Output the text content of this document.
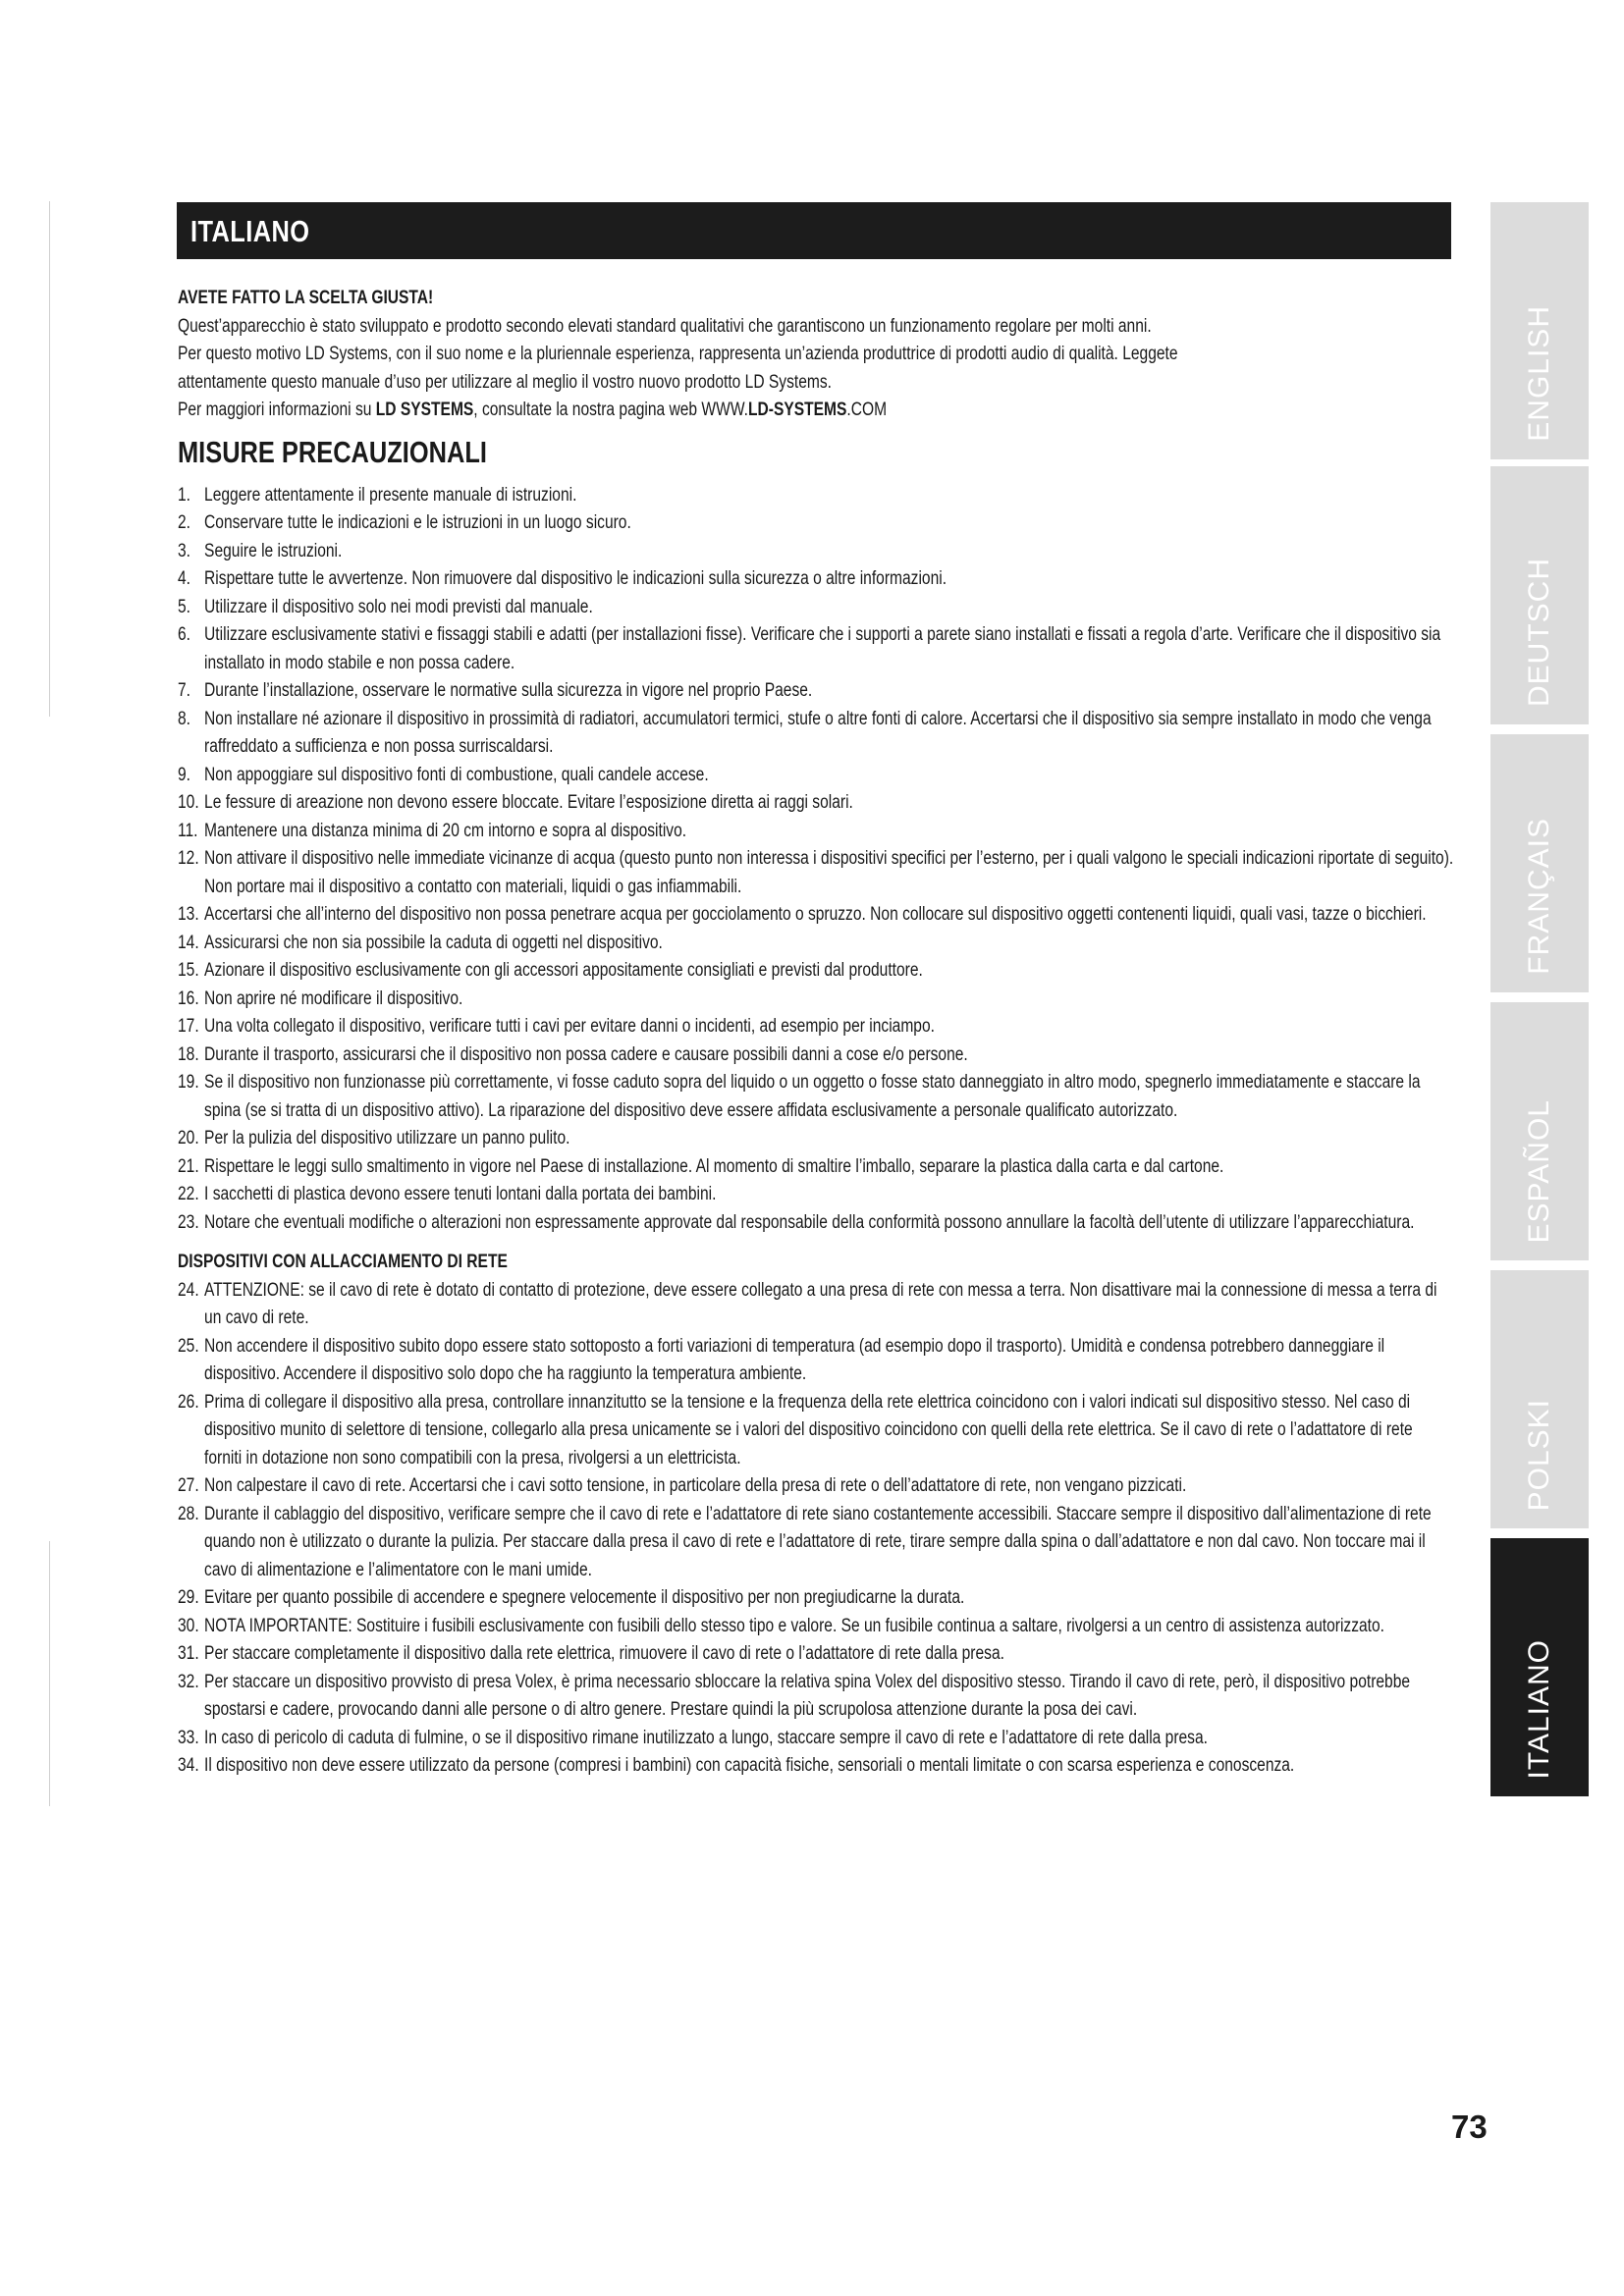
ITALIANO
AVETE FATTO LA SCELTA GIUSTA!

Quest’apparecchio è stato sviluppato e prodotto secondo elevati standard qualitativi che garantiscono un funzionamento regolare per molti anni.
Per questo motivo LD Systems, con il suo nome e la pluriennale esperienza, rappresenta un’azienda produttrice di prodotti audio di qualità. Leggete
attentamente questo manuale d’uso per utilizzare al meglio il vostro nuovo prodotto LD Systems.
Per maggiori informazioni su LD SYSTEMS, consultate la nostra pagina web WWW.LD-SYSTEMS.COM

MISURE PRECAUZIONALI
1. Leggere attentamente il presente manuale di istruzioni.
2. Conservare tutte le indicazioni e le istruzioni in un luogo sicuro.
3. Seguire le istruzioni.
4. Rispettare tutte le avvertenze. Non rimuovere dal dispositivo le indicazioni sulla sicurezza o altre informazioni.
5. Utilizzare il dispositivo solo nei modi previsti dal manuale.
6. Utilizzare esclusivamente stativi e fissaggi stabili e adatti (per installazioni fisse). Verificare che i supporti a parete siano installati e fissati a regola d’arte. Verificare che il dispositivo sia installato in modo stabile e non possa cadere.
7. Durante l’installazione, osservare le normative sulla sicurezza in vigore nel proprio Paese.
8. Non installare né azionare il dispositivo in prossimità di radiatori, accumulatori termici, stufe o altre fonti di calore. Accertarsi che il dispositivo sia sempre installato in modo che venga raffreddato a sufficienza e non possa surriscaldarsi.
9. Non appoggiare sul dispositivo fonti di combustione, quali candele accese.
10. Le fessure di areazione non devono essere bloccate. Evitare l’esposizione diretta ai raggi solari.
11. Mantenere una distanza minima di 20 cm intorno e sopra al dispositivo.
12. Non attivare il dispositivo nelle immediate vicinanze di acqua (questo punto non interessa i dispositivi specifici per l’esterno, per i quali valgono le speciali indicazioni riportate di seguito). Non portare mai il dispositivo a contatto con materiali, liquidi o gas infiammabili.
13. Accertarsi che all’interno del dispositivo non possa penetrare acqua per gocciolamento o spruzzo. Non collocare sul dispositivo oggetti contenenti liquidi, quali vasi, tazze o bicchieri.
14. Assicurarsi che non sia possibile la caduta di oggetti nel dispositivo.
15. Azionare il dispositivo esclusivamente con gli accessori appositamente consigliati e previsti dal produttore.
16. Non aprire né modificare il dispositivo.
17. Una volta collegato il dispositivo, verificare tutti i cavi per evitare danni o incidenti, ad esempio per inciampo.
18. Durante il trasporto, assicurarsi che il dispositivo non possa cadere e causare possibili danni a cose e/o persone.
19. Se il dispositivo non funzionasse più correttamente, vi fosse caduto sopra del liquido o un oggetto o fosse stato danneggiato in altro modo, spegnerlo immediatamente e staccare la spina (se si tratta di un dispositivo attivo). La riparazione del dispositivo deve essere affidata esclusivamente a personale qualificato autorizzato.
20. Per la pulizia del dispositivo utilizzare un panno pulito.
21. Rispettare le leggi sullo smaltimento in vigore nel Paese di installazione. Al momento di smaltire l’imballo, separare la plastica dalla carta e dal cartone.
22. I sacchetti di plastica devono essere tenuti lontani dalla portata dei bambini.
23. Notare che eventuali modifiche o alterazioni non espressamente approvate dal responsabile della conformità possono annullare la facoltà dell’utente di utilizzare l’apparecchiatura.
DISPOSITIVI CON ALLACCIAMENTO DI RETE
24. ATTENZIONE: se il cavo di rete è dotato di contatto di protezione, deve essere collegato a una presa di rete con messa a terra. Non disattivare mai la connessione di messa a terra di un cavo di rete.
25. Non accendere il dispositivo subito dopo essere stato sottoposto a forti variazioni di temperatura (ad esempio dopo il trasporto). Umidità e condensa potrebbero danneggiare il dispositivo. Accendere il dispositivo solo dopo che ha raggiunto la temperatura ambiente.
26. Prima di collegare il dispositivo alla presa, controllare innanzitutto se la tensione e la frequenza della rete elettrica coincidono con i valori indicati sul dispositivo stesso. Nel caso di dispositivo munito di selettore di tensione, collegarlo alla presa unicamente se i valori del dispositivo coincidono con quelli della rete elettrica. Se il cavo di rete o l’adattatore di rete forniti in dotazione non sono compatibili con la presa, rivolgersi a un elettricista.
27. Non calpestare il cavo di rete. Accertarsi che i cavi sotto tensione, in particolare della presa di rete o dell’adattatore di rete, non vengano pizzicati.
28. Durante il cablaggio del dispositivo, verificare sempre che il cavo di rete e l’adattatore di rete siano costantemente accessibili. Staccare sempre il dispositivo dall’alimentazione di rete quando non è utilizzato o durante la pulizia. Per staccare dalla presa il cavo di rete e l’adattatore di rete, tirare sempre dalla spina o dall’adattatore e non dal cavo. Non toccare mai il cavo di alimentazione e l’alimentatore con le mani umide.
29. Evitare per quanto possibile di accendere e spegnere velocemente il dispositivo per non pregiudicarne la durata.
30. NOTA IMPORTANTE: Sostituire i fusibili esclusivamente con fusibili dello stesso tipo e valore. Se un fusibile continua a saltare, rivolgersi a un centro di assistenza autorizzato.
31. Per staccare completamente il dispositivo dalla rete elettrica, rimuovere il cavo di rete o l’adattatore di rete dalla presa.
32. Per staccare un dispositivo provvisto di presa Volex, è prima necessario sbloccare la relativa spina Volex del dispositivo stesso. Tirando il cavo di rete, però, il dispositivo potrebbe spostarsi e cadere, provocando danni alle persone o di altro genere. Prestare quindi la più scrupolosa attenzione durante la posa dei cavi.
33. In caso di pericolo di caduta di fulmine, o se il dispositivo rimane inutilizzato a lungo, staccare sempre il cavo di rete e l’adattatore di rete dalla presa.
34. Il dispositivo non deve essere utilizzato da persone (compresi i bambini) con capacità fisiche, sensoriali o mentali limitate o con scarsa esperienza e conoscenza.
ENGLISH
DEUTSCH
FRANÇAIS
ESPAÑOL
POLSKI
ITALIANO
73
